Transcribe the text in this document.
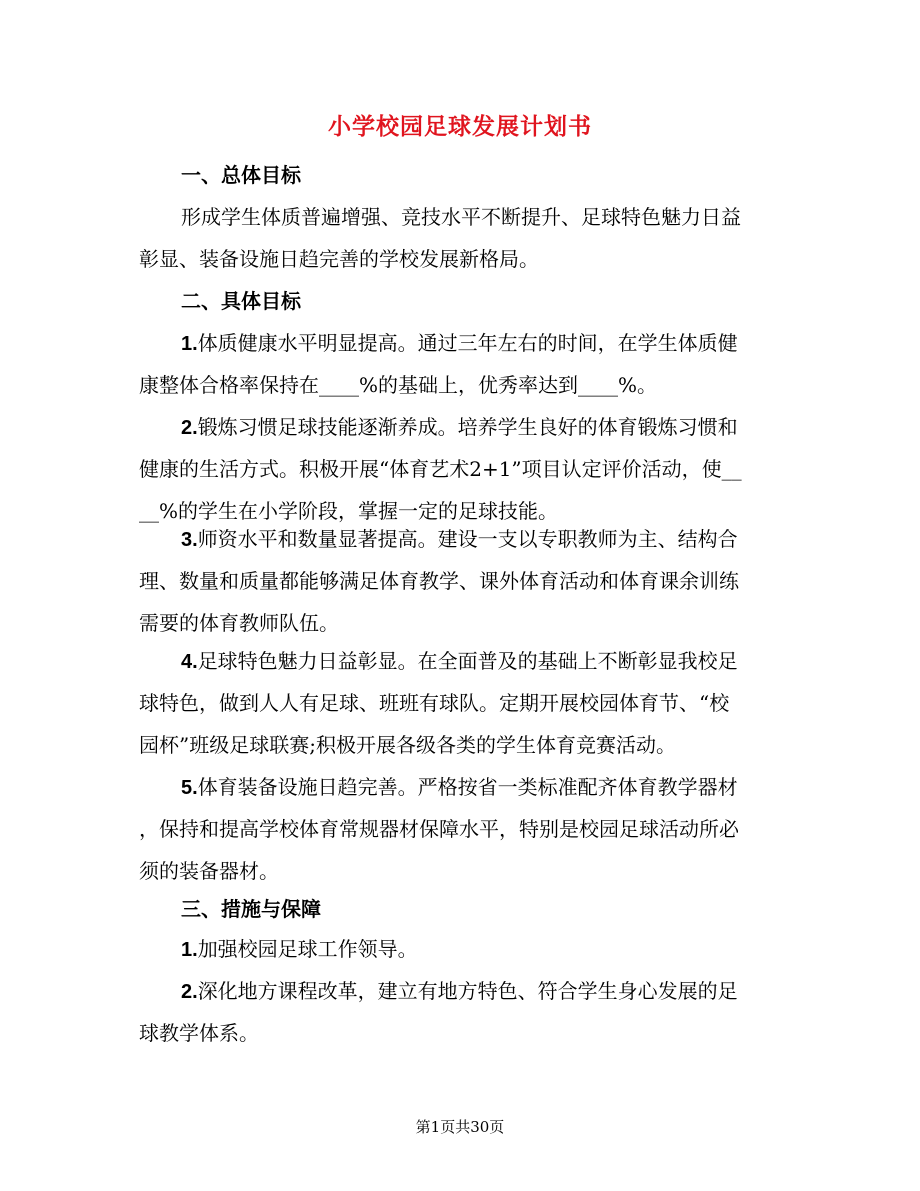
小学校园足球发展计划书
一、总体目标
形成学生体质普遍增强、竞技水平不断提升、足球特色魅力日益
彰显、装备设施日趋完善的学校发展新格局。
二、具体目标
1.体质健康水平明显提高。通过三年左右的时间，在学生体质健
康整体合格率保持在____%的基础上，优秀率达到____%。
2.锻炼习惯足球技能逐渐养成。培养学生良好的体育锻炼习惯和
健康的生活方式。积极开展“体育艺术2+1”项目认定评价活动，使__
__%的学生在小学阶段，掌握一定的足球技能。
3.师资水平和数量显著提高。建设一支以专职教师为主、结构合
理、数量和质量都能够满足体育教学、课外体育活动和体育课余训练
需要的体育教师队伍。
4.足球特色魅力日益彰显。在全面普及的基础上不断彰显我校足
球特色，做到人人有足球、班班有球队。定期开展校园体育节、“校
园杯”班级足球联赛;积极开展各级各类的学生体育竞赛活动。
5.体育装备设施日趋完善。严格按省一类标准配齐体育教学器材
，保持和提高学校体育常规器材保障水平，特别是校园足球活动所必
须的装备器材。
三、措施与保障
1.加强校园足球工作领导。
2.深化地方课程改革，建立有地方特色、符合学生身心发展的足
球教学体系。
第1页共30页
